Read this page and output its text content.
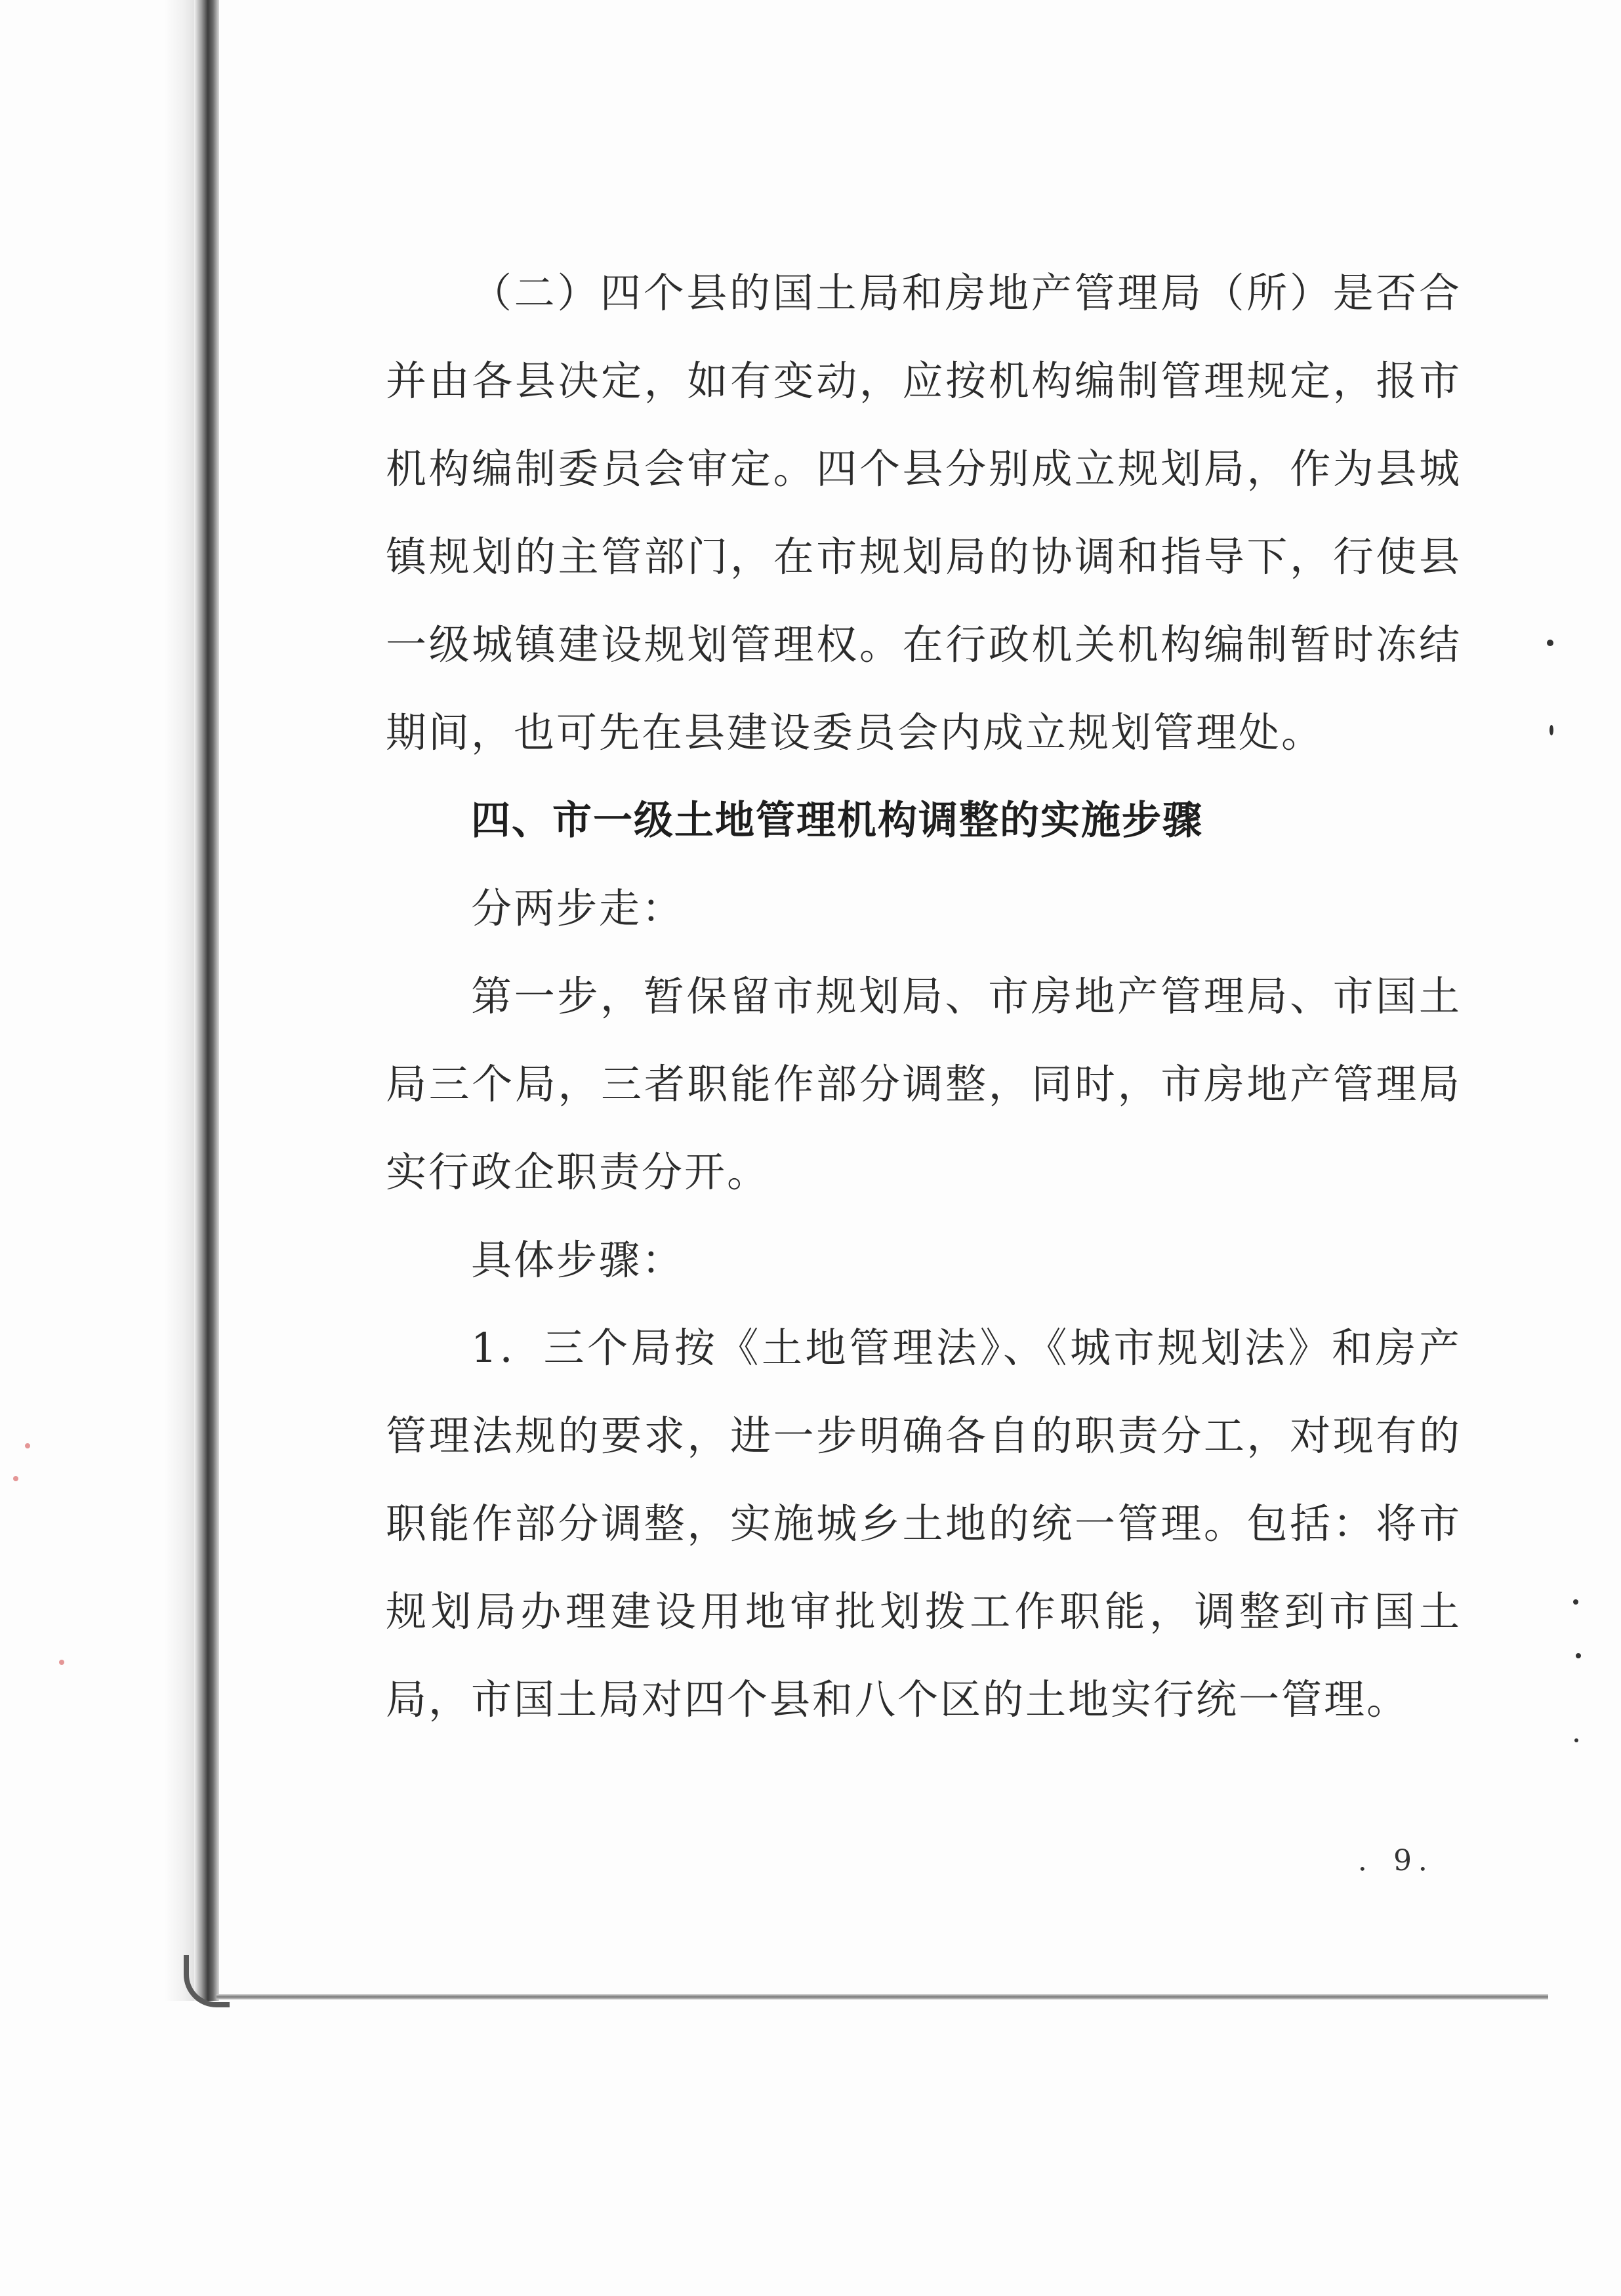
（二）四个县的国土局和房地产管理局（所）是否合并由各县决定，如有变动，应按机构编制管理规定，报市机构编制委员会审定。四个县分别成立规划局，作为县城镇规划的主管部门，在市规划局的协调和指导下，行使县一级城镇建设规划管理权。在行政机关机构编制暂时冻结期间，也可先在县建设委员会内成立规划管理处。

四、市一级土地管理机构调整的实施步骤

分两步走：

第一步，暂保留市规划局、市房地产管理局、市国土局三个局，三者职能作部分调整，同时，市房地产管理局实行政企职责分开。

具体步骤：

1．三个局按《土地管理法》、《城市规划法》和房产管理法规的要求，进一步明确各自的职责分工，对现有的职能作部分调整，实施城乡土地的统一管理。包括：将市规划局办理建设用地审批划拨工作职能，调整到市国土局，市国土局对四个县和八个区的土地实行统一管理。

．9．
